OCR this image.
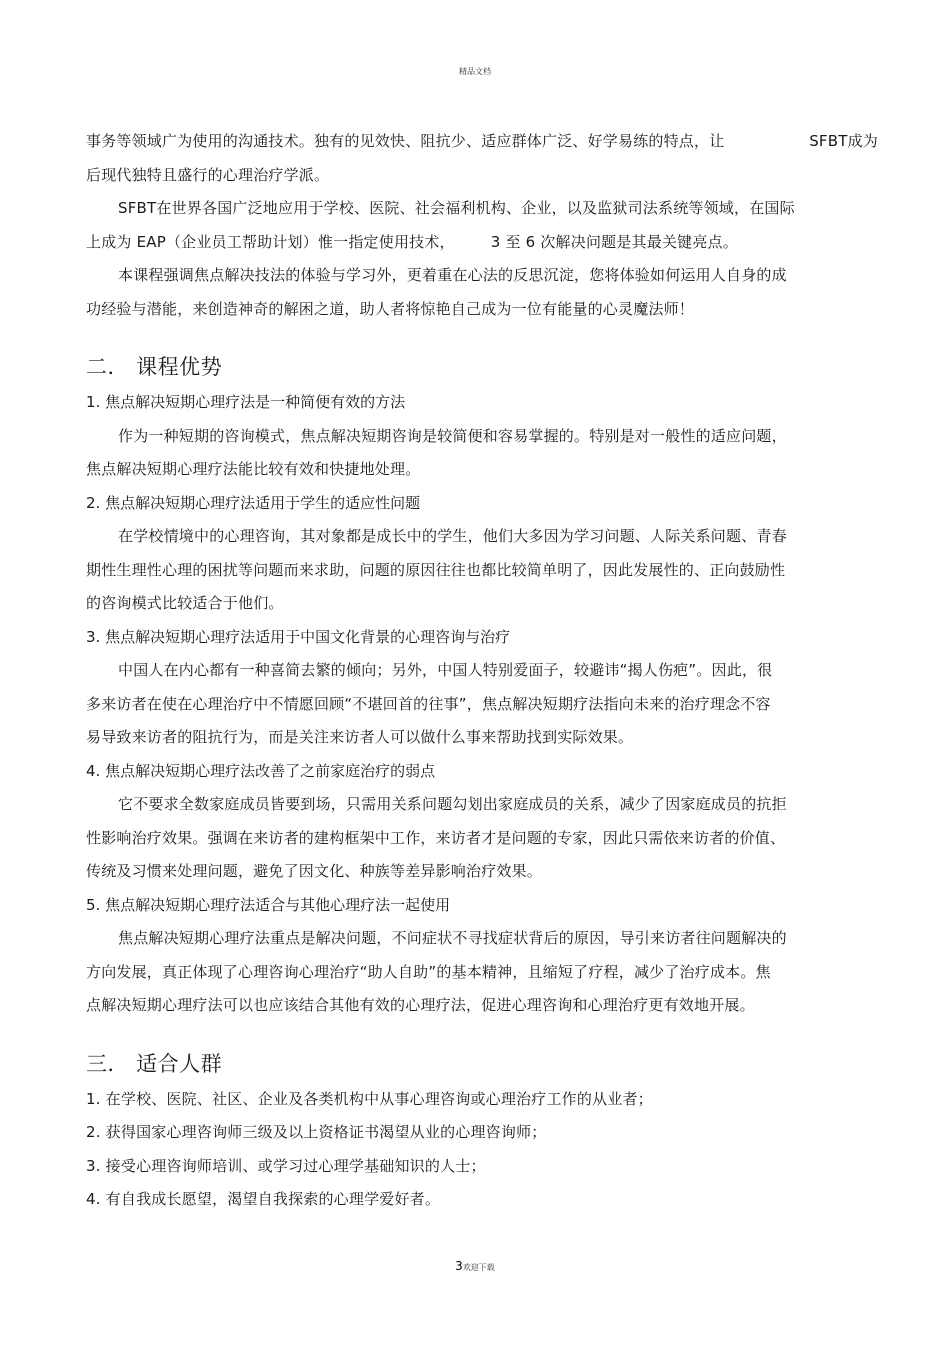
精品文档
事务等领域广为使用的沟通技术。独有的见效快、阻抗少、适应群体广泛、好学易练的特点，让	SFBT成为
后现代独特且盛行的心理治疗学派。
SFBT在世界各国广泛地应用于学校、医院、社会福利机构、企业，以及监狱司法系统等领域，在国际
上成为 EAP（企业员工帮助计划）惟一指定使用技术， 3 至 6 次解决问题是其最关键亮点。
本课程强调焦点解决技法的体验与学习外，更着重在心法的反思沉淀，您将体验如何运用人自身的成
功经验与潜能，来创造神奇的解困之道，助人者将惊艳自己成为一位有能量的心灵魔法师！
二． 课程优势
1. 焦点解决短期心理疗法是一种简便有效的方法
作为一种短期的咨询模式，焦点解决短期咨询是较简便和容易掌握的。特别是对一般性的适应问题，
焦点解决短期心理疗法能比较有效和快捷地处理。
2. 焦点解决短期心理疗法适用于学生的适应性问题
在学校情境中的心理咨询，其对象都是成长中的学生，他们大多因为学习问题、人际关系问题、青春
期性生理性心理的困扰等问题而来求助，问题的原因往往也都比较简单明了，因此发展性的、正向鼓励性
的咨询模式比较适合于他们。
3. 焦点解决短期心理疗法适用于中国文化背景的心理咨询与治疗
中国人在内心都有一种喜简去繁的倾向；另外，中国人特别爱面子，较避讳“揭人伤疤”。因此，很
多来访者在使在心理治疗中不情愿回顾“不堪回首的往事”，焦点解决短期疗法指向未来的治疗理念不容
易导致来访者的阻抗行为，而是关注来访者人可以做什么事来帮助找到实际效果。
4. 焦点解决短期心理疗法改善了之前家庭治疗的弱点
它不要求全数家庭成员皆要到场，只需用关系问题勾划出家庭成员的关系，减少了因家庭成员的抗拒
性影响治疗效果。强调在来访者的建构框架中工作，来访者才是问题的专家，因此只需依来访者的价值、
传统及习惯来处理问题，避免了因文化、种族等差异影响治疗效果。
5. 焦点解决短期心理疗法适合与其他心理疗法一起使用
焦点解决短期心理疗法重点是解决问题，不问症状不寻找症状背后的原因，导引来访者往问题解决的
方向发展，真正体现了心理咨询心理治疗“助人自助”的基本精神，且缩短了疗程，减少了治疗成本。焦
点解决短期心理疗法可以也应该结合其他有效的心理疗法，促进心理咨询和心理治疗更有效地开展。
三． 适合人群
1. 在学校、医院、社区、企业及各类机构中从事心理咨询或心理治疗工作的从业者；
2. 获得国家心理咨询师三级及以上资格证书渴望从业的心理咨询师；
3. 接受心理咨询师培训、或学习过心理学基础知识的人士；
4. 有自我成长愿望，渴望自我探索的心理学爱好者。
3欢迎下载
